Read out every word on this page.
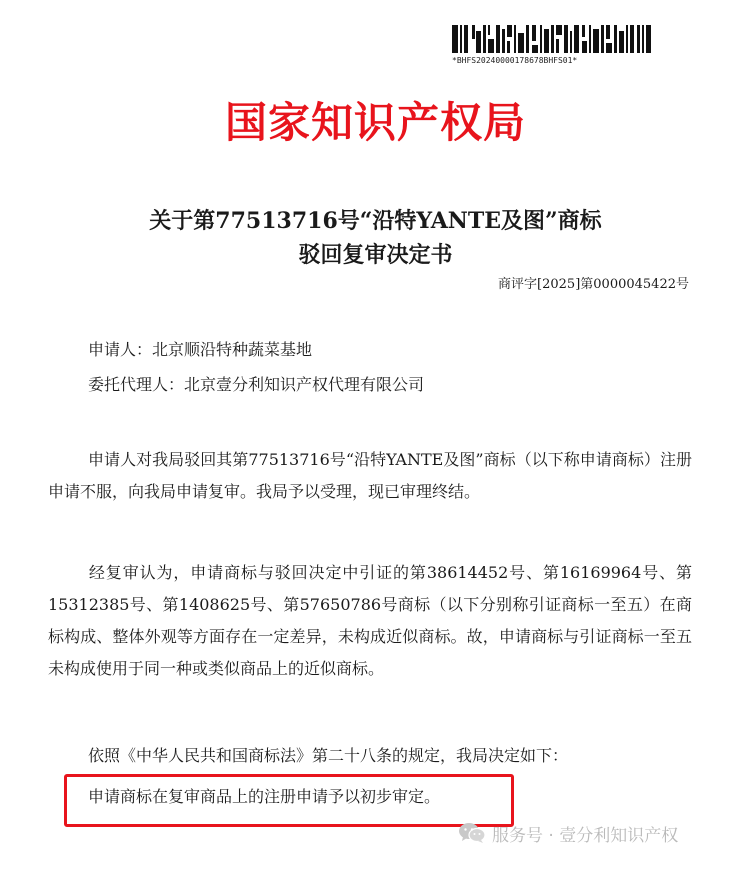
*BHFS20240000178678BHFS01*
国家知识产权局
关于第77513716号“沿特YANTE及图”商标
驳回复审决定书
商评字[2025]第0000045422号
申请人：北京顺沿特种蔬菜基地
委托代理人：北京壹分利知识产权代理有限公司
申请人对我局驳回其第77513716号“沿特YANTE及图”商标（以下称申请商标）注册申请不服，向我局申请复审。我局予以受理，现已审理终结。
经复审认为，申请商标与驳回决定中引证的第38614452号、第16169964号、第15312385号、第1408625号、第57650786号商标（以下分别称引证商标一至五）在商标构成、整体外观等方面存在一定差异，未构成近似商标。故，申请商标与引证商标一至五未构成使用于同一种或类似商品上的近似商标。
依照《中华人民共和国商标法》第二十八条的规定，我局决定如下：
申请商标在复审商品上的注册申请予以初步审定。
服务号 · 壹分利知识产权
